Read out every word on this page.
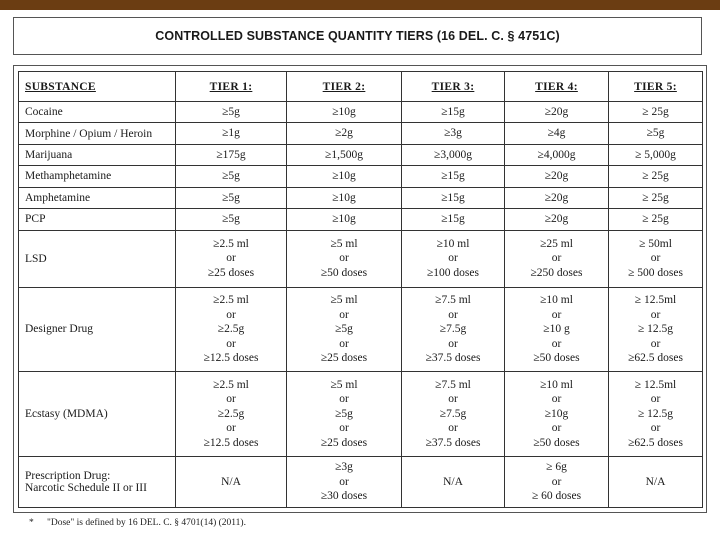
CONTROLLED SUBSTANCE QUANTITY TIERS (16 DEL. C. § 4751C)
SUBSTANCE	TIER 1:	TIER 2:	TIER 3:	TIER 4:	TIER 5:

Cocaine	≥5g	≥10g	≥15g	≥20g	≥ 25g

Morphine / Opium / Heroin	≥1g	≥2g	≥3g	≥4g	≥5g

Marijuana	≥175g	≥1,500g	≥3,000g	≥4,000g	≥ 5,000g

Methamphetamine	≥5g	≥10g	≥15g	≥20g	≥ 25g

Amphetamine	≥5g	≥10g	≥15g	≥20g	≥ 25g

PCP	≥5g	≥10g	≥15g	≥20g	≥ 25g

LSD	≥2.5 ml
or
≥25 doses	≥5 ml
or
≥50 doses	≥10 ml
or
≥100 doses	≥25 ml
or
≥250 doses	≥ 50ml
or
≥ 500 doses

Designer Drug	≥2.5 ml
or
≥2.5g
or
≥12.5 doses	≥5 ml
or
≥5g
or
≥25 doses	≥7.5 ml
or
≥7.5g
or
≥37.5 doses	≥10 ml
or
≥10 g
or
≥50 doses	≥ 12.5ml
or
≥ 12.5g
or
≥62.5 doses

Ecstasy (MDMA)	≥2.5 ml
or
≥2.5g
or
≥12.5 doses	≥5 ml
or
≥5g
or
≥25 doses	≥7.5 ml
or
≥7.5g
or
≥37.5 doses	≥10 ml
or
≥10g
or
≥50 doses	≥ 12.5ml
or
≥ 12.5g
or
≥62.5 doses

Prescription Drug:
Narcotic Schedule II or III	N/A	≥3g
or
≥30 doses	N/A	≥ 6g
or
≥ 60 doses	N/A
* "Dose" is defined by 16 DEL. C. § 4701(14) (2011).
